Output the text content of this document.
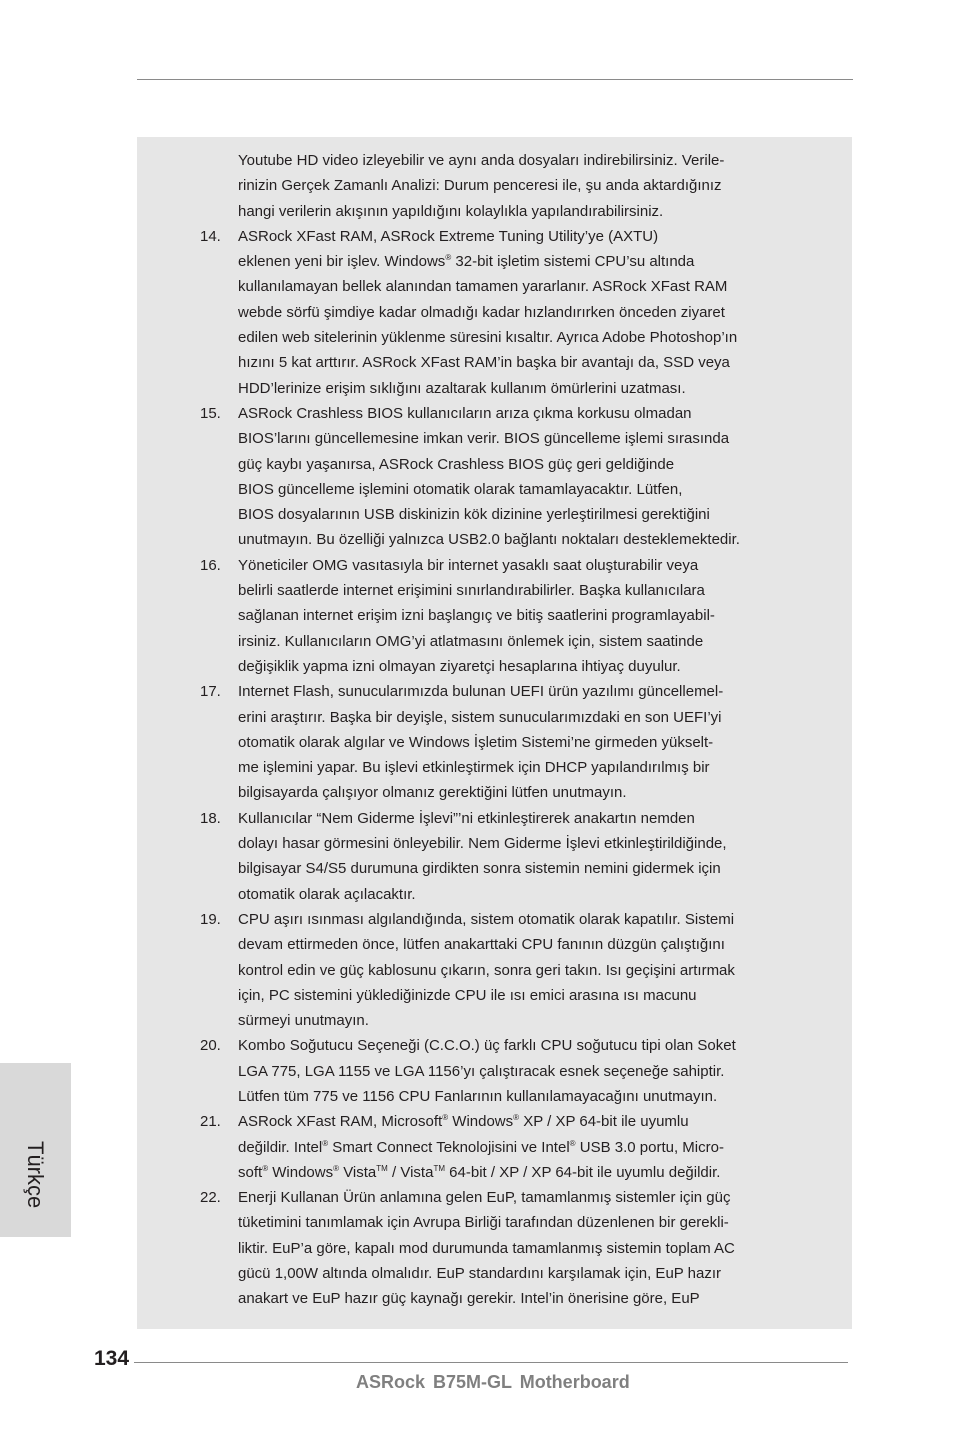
Youtube HD video izleyebilir ve aynı anda dosyaları indirebilirsiniz. Verile-
rinizin Gerçek Zamanlı Analizi: Durum penceresi ile, şu anda aktardığınız
hangi verilerin akışının yapıldığını kolaylıkla yapılandırabilirsiniz.
14.	ASRock XFast RAM, ASRock Extreme Tuning Utility’ye (AXTU)
eklenen yeni bir işlev. Windows® 32-bit işletim sistemi CPU’su altında
kullanılamayan bellek alanından tamamen yararlanır. ASRock XFast RAM
webde sörfü şimdiye kadar olmadığı kadar hızlandırırken önceden ziyaret
edilen web sitelerinin yüklenme süresini kısaltır. Ayrıca Adobe Photoshop’ın
hızını 5 kat arttırır. ASRock XFast RAM’in başka bir avantajı da, SSD veya
HDD’lerinize erişim sıklığını azaltarak kullanım ömürlerini uzatması.
15.	ASRock Crashless BIOS kullanıcıların arıza çıkma korkusu olmadan
BIOS’larını güncellemesine imkan verir. BIOS güncelleme işlemi sırasında
güç kaybı yaşanırsa, ASRock Crashless BIOS güç geri geldiğinde
BIOS güncelleme işlemini otomatik olarak tamamlayacaktır. Lütfen,
BIOS dosyalarının USB diskinizin kök dizinine yerleştirilmesi gerektiğini
unutmayın. Bu özelliği yalnızca USB2.0 bağlantı noktaları desteklemektedir.
16.	Yöneticiler OMG vasıtasıyla bir internet yasaklı saat oluşturabilir veya
belirli saatlerde internet erişimini sınırlandırabilirler. Başka kullanıcılara
sağlanan internet erişim izni başlangıç ve bitiş saatlerini programlayabil-
irsiniz. Kullanıcıların OMG’yi atlatmasını önlemek için, sistem saatinde
değişiklik yapma izni olmayan ziyaretçi hesaplarına ihtiyaç duyulur.
17.	Internet Flash, sunucularımızda bulunan UEFI ürün yazılımı güncellemel-
erini araştırır. Başka bir deyişle, sistem sunucularımızdaki en son UEFI’yi
otomatik olarak algılar ve Windows İşletim Sistemi’ne girmeden yükselt-
me işlemini yapar. Bu işlevi etkinleştirmek için DHCP yapılandırılmış bir
bilgisayarda çalışıyor olmanız gerektiğini lütfen unutmayın.
18.	Kullanıcılar “Nem Giderme İşlevi”’ni etkinleştirerek anakartın nemden
dolayı hasar görmesini önleyebilir. Nem Giderme İşlevi etkinleştirildiğinde,
bilgisayar S4/S5 durumuna girdikten sonra sistemin nemini gidermek için
otomatik olarak açılacaktır.
19.	CPU aşırı ısınması algılandığında, sistem otomatik olarak kapatılır. Sistemi
devam ettirmeden önce, lütfen anakarttaki CPU fanının düzgün çalıştığını
kontrol edin ve güç kablosunu çıkarın, sonra geri takın. Isı geçişini artırmak
için, PC sistemini yüklediğinizde CPU ile ısı emici arasına ısı macunu
sürmeyi unutmayın.
20.	Kombo Soğutucu Seçeneği (C.C.O.) üç farklı CPU soğutucu tipi olan Soket
LGA 775, LGA 1155 ve LGA 1156’yı çalıştıracak esnek seçeneğe sahiptir.
Lütfen tüm 775 ve 1156 CPU Fanlarının kullanılamayacağını unutmayın.
21.	ASRock XFast RAM, Microsoft® Windows® XP / XP 64-bit ile uyumlu
değildir. Intel® Smart Connect Teknolojisini ve Intel® USB 3.0 portu, Micro-
soft® Windows® Vista™ / Vista™ 64-bit / XP / XP 64-bit ile uyumlu değildir.
22.	Enerji Kullanan Ürün anlamına gelen EuP, tamamlanmış sistemler için güç
tüketimini tanımlamak için Avrupa Birliği tarafından düzenlenen bir gerekli-
liktir. EuP’a göre, kapalı mod durumunda tamamlanmış sistemin toplam AC
gücü 1,00W altında olmalıdır. EuP standardını karşılamak için, EuP hazır
anakart ve EuP hazır güç kaynağı gerekir. Intel’in önerisine göre, EuP
Türkçe
134
ASRock B75M-GL Motherboard
